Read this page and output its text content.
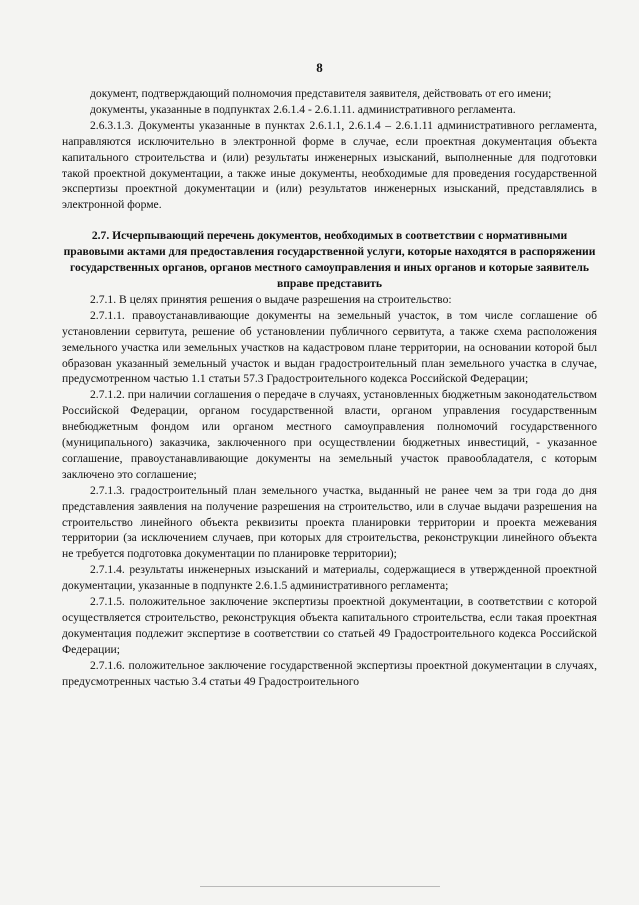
8

документ, подтверждающий полномочия представителя заявителя, действовать от его имени;

документы, указанные в подпунктах 2.6.1.4 - 2.6.1.11. административного регламента.

2.6.3.1.3. Документы указанные в пунктах 2.6.1.1, 2.6.1.4 – 2.6.1.11 административного регламента, направляются исключительно в электронной форме в случае, если проектная документация объекта капитального строительства и (или) результаты инженерных изысканий, выполненные для подготовки такой проектной документации, а также иные документы, необходимые для проведения государственной экспертизы проектной документации и (или) результатов инженерных изысканий, представлялись в электронной форме.

2.7. Исчерпывающий перечень документов, необходимых в соответствии с нормативными правовыми актами для предоставления государственной услуги, которые находятся в распоряжении государственных органов, органов местного самоуправления и иных органов и которые заявитель вправе представить

2.7.1. В целях принятия решения о выдаче разрешения на строительство:

2.7.1.1. правоустанавливающие документы на земельный участок, в том числе соглашение об установлении сервитута, решение об установлении публичного сервитута, а также схема расположения земельного участка или земельных участков на кадастровом плане территории, на основании которой был образован указанный земельный участок и выдан градостроительный план земельного участка в случае, предусмотренном частью 1.1 статьи 57.3 Градостроительного кодекса Российской Федерации;

2.7.1.2. при наличии соглашения о передаче в случаях, установленных бюджетным законодательством Российской Федерации, органом государственной власти, органом управления государственным внебюджетным фондом или органом местного самоуправления полномочий государственного (муниципального) заказчика, заключенного при осуществлении бюджетных инвестиций, - указанное соглашение, правоустанавливающие документы на земельный участок правообладателя, с которым заключено это соглашение;

2.7.1.3. градостроительный план земельного участка, выданный не ранее чем за три года до дня представления заявления на получение разрешения на строительство, или в случае выдачи разрешения на строительство линейного объекта реквизиты проекта планировки территории и проекта межевания территории (за исключением случаев, при которых для строительства, реконструкции линейного объекта не требуется подготовка документации по планировке территории);

2.7.1.4. результаты инженерных изысканий и материалы, содержащиеся в утвержденной проектной документации, указанные в подпункте 2.6.1.5 административного регламента;

2.7.1.5. положительное заключение экспертизы проектной документации, в соответствии с которой осуществляется строительство, реконструкция объекта капитального строительства, если такая проектная документация подлежит экспертизе в соответствии со статьей 49 Градостроительного кодекса Российской Федерации;

2.7.1.6. положительное заключение государственной экспертизы проектной документации в случаях, предусмотренных частью 3.4 статьи 49 Градостроительного
